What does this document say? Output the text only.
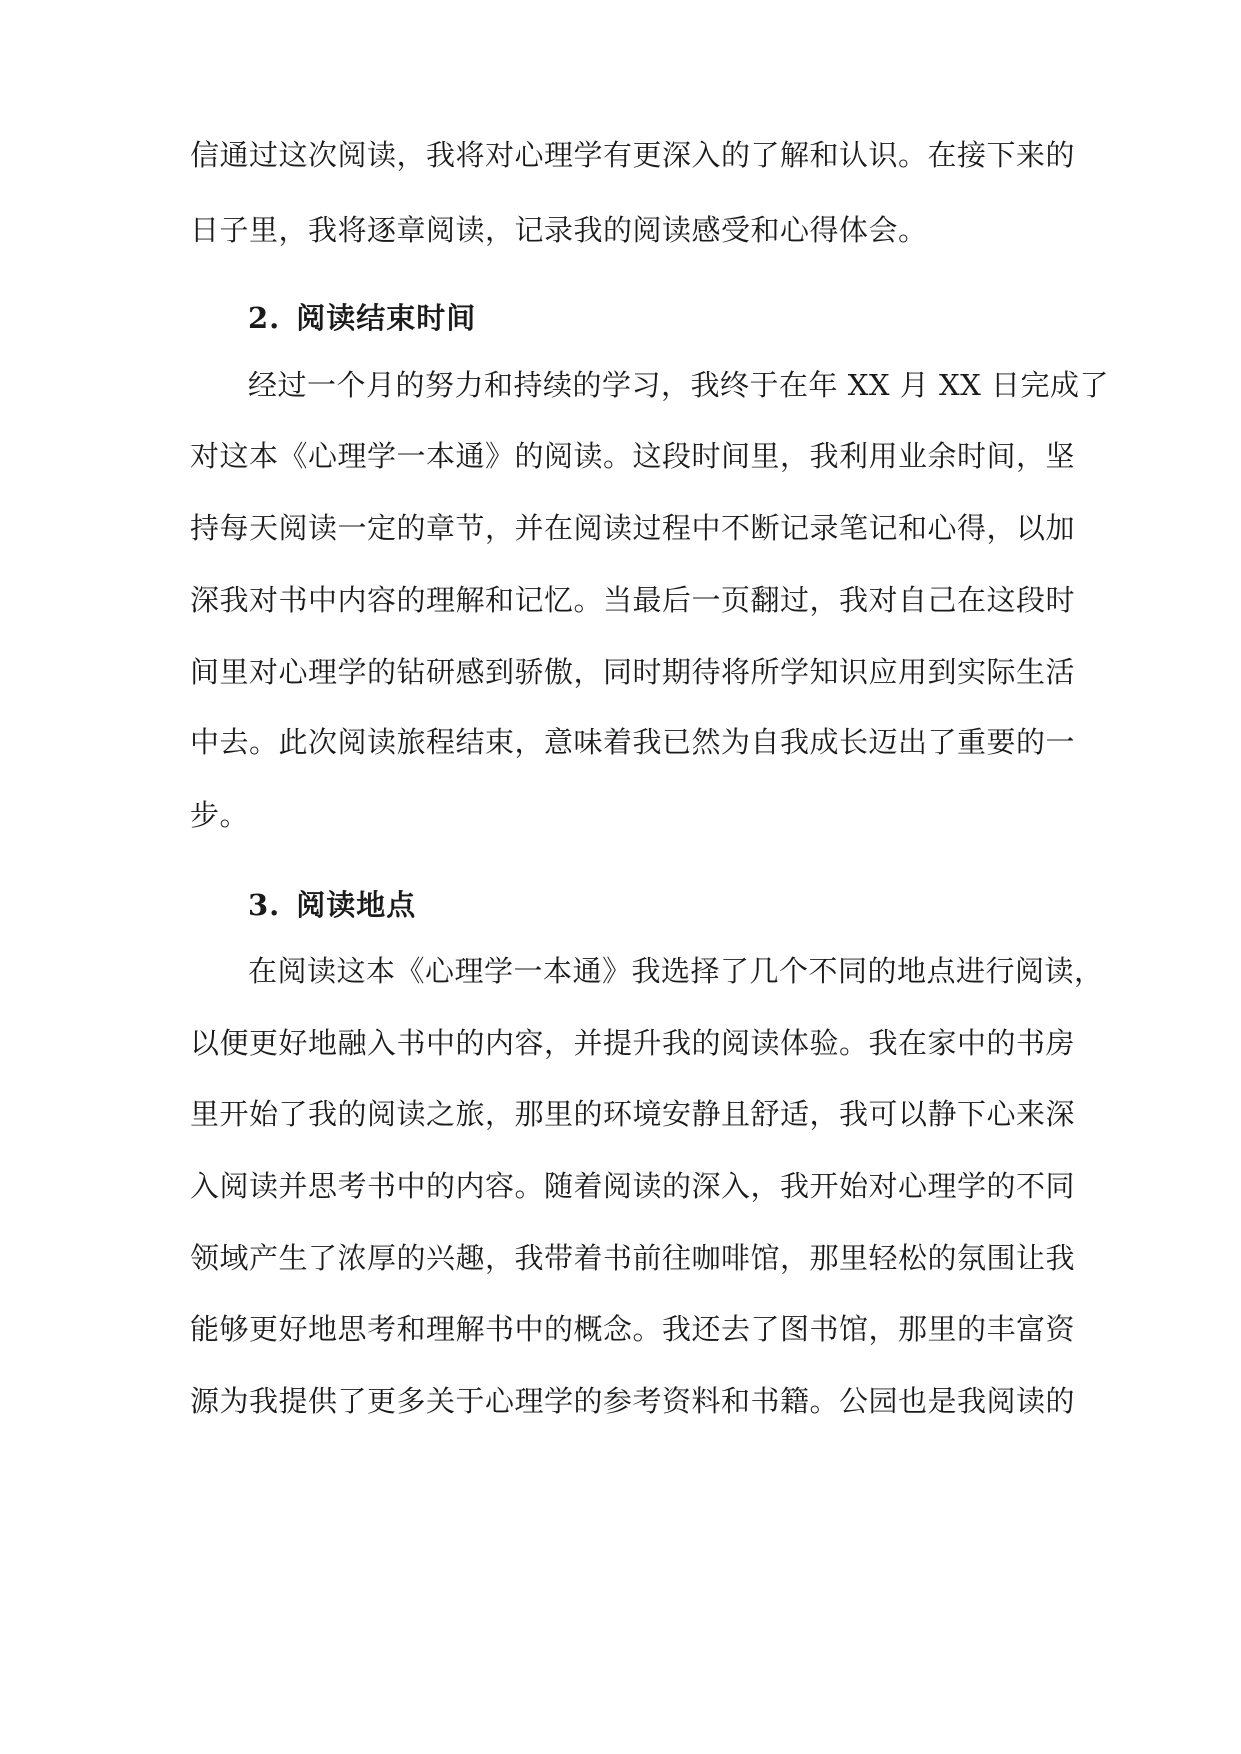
信通过这次阅读，我将对心理学有更深入的了解和认识。在接下来的
日子里，我将逐章阅读，记录我的阅读感受和心得体会。
2. 阅读结束时间
经过一个月的努力和持续的学习，我终于在年 XX 月 XX 日完成了
对这本《心理学一本通》的阅读。这段时间里，我利用业余时间，坚
持每天阅读一定的章节，并在阅读过程中不断记录笔记和心得，以加
深我对书中内容的理解和记忆。当最后一页翻过，我对自己在这段时
间里对心理学的钻研感到骄傲，同时期待将所学知识应用到实际生活
中去。此次阅读旅程结束，意味着我已然为自我成长迈出了重要的一
步。
3. 阅读地点
在阅读这本《心理学一本通》我选择了几个不同的地点进行阅读，
以便更好地融入书中的内容，并提升我的阅读体验。我在家中的书房
里开始了我的阅读之旅，那里的环境安静且舒适，我可以静下心来深
入阅读并思考书中的内容。随着阅读的深入，我开始对心理学的不同
领域产生了浓厚的兴趣，我带着书前往咖啡馆，那里轻松的氛围让我
能够更好地思考和理解书中的概念。我还去了图书馆，那里的丰富资
源为我提供了更多关于心理学的参考资料和书籍。公园也是我阅读的
